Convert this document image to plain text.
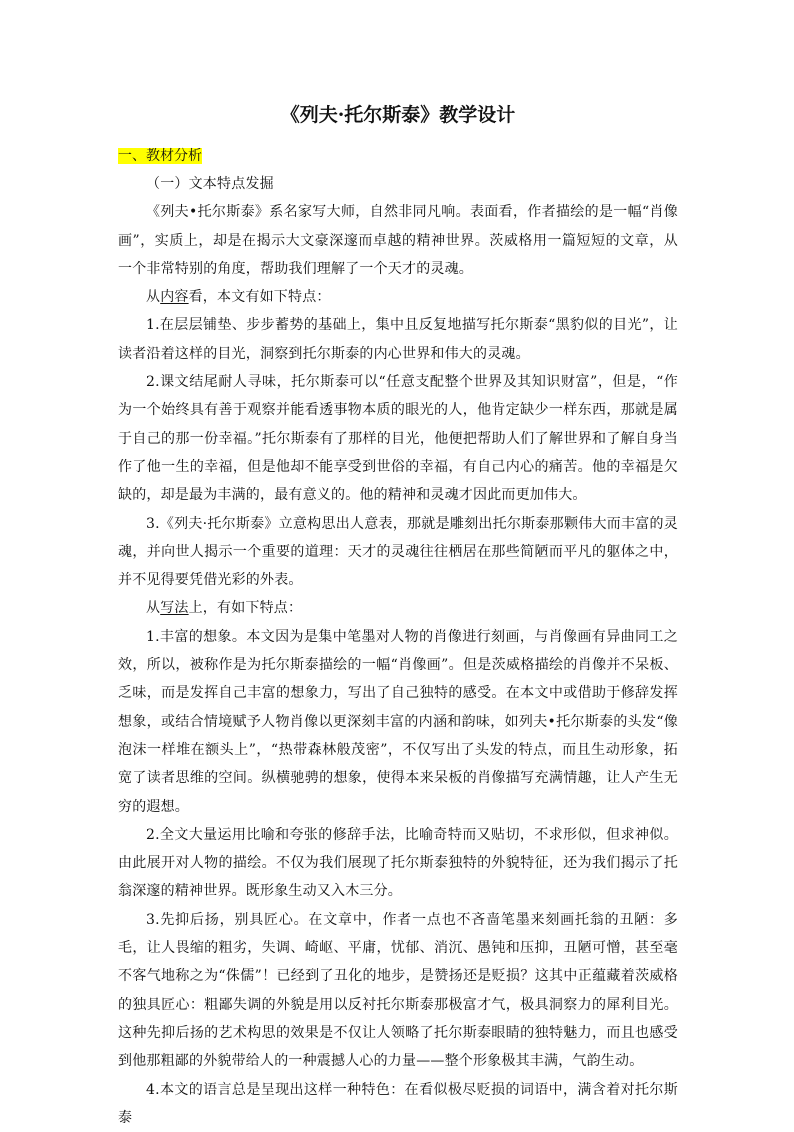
《列夫·托尔斯泰》教学设计
一、教材分析

（一）文本特点发掘

《列夫•托尔斯泰》系名家写大师，自然非同凡响。表面看，作者描绘的是一幅“肖像画”，实质上，却是在揭示大文豪深邃而卓越的精神世界。茨威格用一篇短短的文章，从一个非常特别的角度，帮助我们理解了一个天才的灵魂。

从内容看，本文有如下特点：

1.在层层铺垫、步步蓄势的基础上，集中且反复地描写托尔斯泰“黑豹似的目光”，让读者沿着这样的目光，洞察到托尔斯泰的内心世界和伟大的灵魂。

2.课文结尾耐人寻味，托尔斯泰可以“任意支配整个世界及其知识财富”，但是，“作为一个始终具有善于观察并能看透事物本质的眼光的人，他肯定缺少一样东西，那就是属于自己的那一份幸福。”托尔斯泰有了那样的目光，他便把帮助人们了解世界和了解自身当作了他一生的幸福，但是他却不能享受到世俗的幸福，有自己内心的痛苦。他的幸福是欠缺的，却是最为丰满的，最有意义的。他的精神和灵魂才因此而更加伟大。

3.《列夫·托尔斯泰》立意构思出人意表，那就是雕刻出托尔斯泰那颗伟大而丰富的灵魂，并向世人揭示一个重要的道理：天才的灵魂往往栖居在那些简陋而平凡的躯体之中，并不见得要凭借光彩的外表。

从写法上，有如下特点：

1.丰富的想象。本文因为是集中笔墨对人物的肖像进行刻画，与肖像画有异曲同工之效，所以，被称作是为托尔斯泰描绘的一幅“肖像画”。但是茨威格描绘的肖像并不呆板、乏味，而是发挥自己丰富的想象力，写出了自己独特的感受。在本文中或借助于修辞发挥想象，或结合情境赋予人物肖像以更深刻丰富的内涵和韵味，如列夫•托尔斯泰的头发“像泡沫一样堆在额头上”，“热带森林般茂密”，不仅写出了头发的特点，而且生动形象，拓宽了读者思维的空间。纵横驰骋的想象，使得本来呆板的肖像描写充满情趣，让人产生无穷的遐想。

2.全文大量运用比喻和夸张的修辞手法，比喻奇特而又贴切，不求形似，但求神似。由此展开对人物的描绘。不仅为我们展现了托尔斯泰独特的外貌特征，还为我们揭示了托翁深邃的精神世界。既形象生动又入木三分。

3.先抑后扬，别具匠心。在文章中，作者一点也不吝啬笔墨来刻画托翁的丑陋：多毛，让人畏缩的粗劣，失调、崎岖、平庸，忧郁、消沉、愚钝和压抑，丑陋可憎，甚至毫不客气地称之为“侏儒”！已经到了丑化的地步，是赞扬还是贬损？这其中正蕴藏着茨威格的独具匠心：粗鄙失调的外貌是用以反衬托尔斯泰那极富才气，极具洞察力的犀利目光。这种先抑后扬的艺术构思的效果是不仅让人领略了托尔斯泰眼睛的独特魅力，而且也感受到他那粗鄙的外貌带给人的一种震撼人心的力量——整个形象极其丰满，气韵生动。

4.本文的语言总是呈现出这样一种特色：在看似极尽贬损的词语中，满含着对托尔斯泰
